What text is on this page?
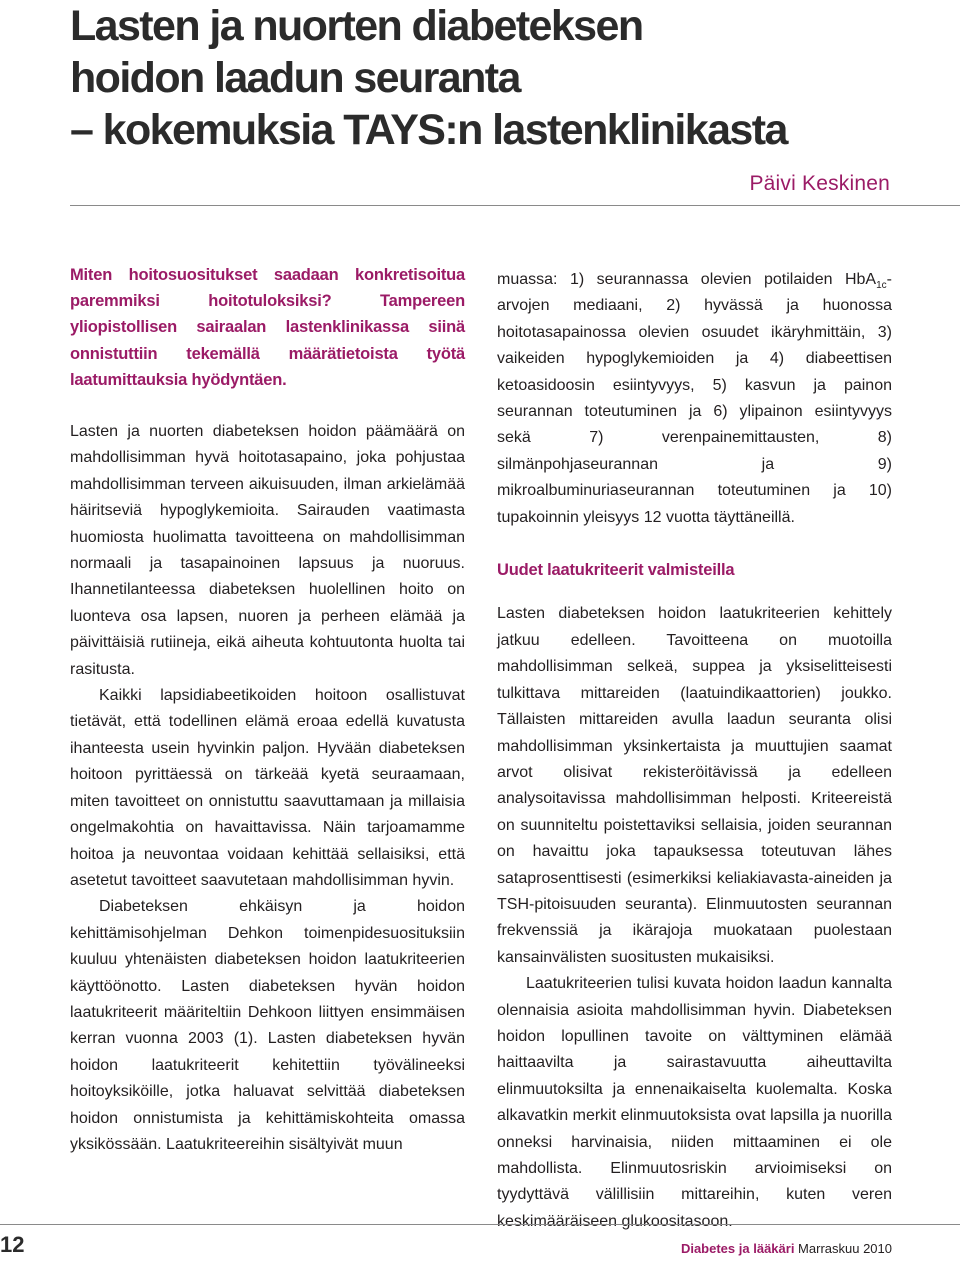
Lasten ja nuorten diabeteksen
hoidon laadun seuranta
– kokemuksia TAYS:n lastenklinikasta
Päivi Keskinen

Miten hoitosuositukset saadaan konkretisoitua paremmiksi hoitotuloksiksi? Tampereen yliopistollisen sairaalan lastenklinikassa siinä onnistuttiin tekemällä määrätietoista työtä laatumittauksia hyödyntäen.

Lasten ja nuorten diabeteksen hoidon päämäärä on mahdollisimman hyvä hoitotasapaino, joka pohjustaa mahdollisimman terveen aikuisuuden, ilman arkielämää häiritseviä hypoglykemioita. Sairauden vaatimasta huomiosta huolimatta tavoitteena on mahdollisimman normaali ja tasapainoinen lapsuus ja nuoruus. Ihannetilanteessa diabeteksen huolellinen hoito on luonteva osa lapsen, nuoren ja perheen elämää ja päivittäisiä rutiineja, eikä aiheuta kohtuutonta huolta tai rasitusta.

Kaikki lapsidiabeetikoiden hoitoon osallistuvat tietävät, että todellinen elämä eroaa edellä kuvatusta ihanteesta usein hyvinkin paljon. Hyvään diabeteksen hoitoon pyrittäessä on tärkeää kyetä seuraamaan, miten tavoitteet on onnistuttu saavuttamaan ja millaisia ongelmakohtia on havaittavissa. Näin tarjoamamme hoitoa ja neuvontaa voidaan kehittää sellaisiksi, että asetetut tavoitteet saavutetaan mahdollisimman hyvin.

Diabeteksen ehkäisyn ja hoidon kehittämisohjelman Dehkon toimenpidesuosituksiin kuuluu yhtenäisten diabeteksen hoidon laatukriteerien käyttöönotto. Lasten diabeteksen hyvän hoidon laatukriteerit määriteltiin Dehkoon liittyen ensimmäisen kerran vuonna 2003 (1). Lasten diabeteksen hyvän hoidon laatukriteerit kehitettiin työvälineeksi hoitoyksiköille, jotka haluavat selvittää diabeteksen hoidon onnistumista ja kehittämiskohteita omassa yksikössään. Laatukriteereihin sisältyivät muun

muassa: 1) seurannassa olevien potilaiden HbA$_{1c}$-arvojen mediaani, 2) hyvässä ja huonossa hoitotasapainossa olevien osuudet ikäryhmittäin, 3) vaikeiden hypoglykemioiden ja 4) diabeettisen ketoasidoosin esiintyvyys, 5) kasvun ja painon seurannan toteutuminen ja 6) ylipainon esiintyvyys sekä 7) verenpainemittausten, 8) silmänpohjaseurannan ja 9) mikroalbuminuriaseurannan toteutuminen ja 10) tupakoinnin yleisyys 12 vuotta täyttäneillä.

Uudet laatukriteerit valmisteilla

Lasten diabeteksen hoidon laatukriteerien kehittely jatkuu edelleen. Tavoitteena on muotoilla mahdollisimman selkeä, suppea ja yksiselitteisesti tulkittava mittareiden (laatuindikaattorien) joukko. Tällaisten mittareiden avulla laadun seuranta olisi mahdollisimman yksinkertaista ja muuttujien saamat arvot olisivat rekisteröitävissä ja edelleen analysoitavissa mahdollisimman helposti. Kriteereistä on suunniteltu poistettaviksi sellaisia, joiden seurannan on havaittu joka tapauksessa toteutuvan lähes sataprosenttisesti (esimerkiksi keliakiavasta-aineiden ja TSH-pitoisuuden seuranta). Elinmuutosten seurannan frekvenssiä ja ikärajoja muokataan puolestaan kansainvälisten suositusten mukaisiksi.

Laatukriteerien tulisi kuvata hoidon laadun kannalta olennaisia asioita mahdollisimman hyvin. Diabeteksen hoidon lopullinen tavoite on välttyminen elämää haittaavilta ja sairastavuutta aiheuttavilta elinmuutoksilta ja ennenaikaiselta kuolemalta. Koska alkavatkin merkit elinmuutoksista ovat lapsilla ja nuorilla onneksi harvinaisia, niiden mittaaminen ei ole mahdollista. Elinmuutosriskin arvioimiseksi on tyydyttävä välillisiin mittareihin, kuten veren keskimääräiseen glukoositasoon.

12	Diabetes ja lääkäri Marraskuu 2010
